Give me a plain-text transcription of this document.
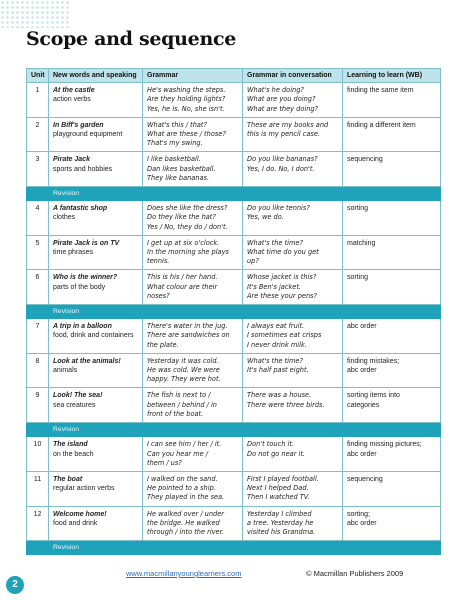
Scope and sequence
Unit	New words and speaking	Grammar	Grammar in conversation	Learning to learn (WB)
1	At the castle
action verbs	He's washing the steps.
Are they holding lights?
Yes, he is. No, she isn't.	What's he doing?
What are you doing?
What are they doing?	finding the same item

2	In Biff's garden
playground equipment	What's this / that?
What are these / those?
That's my swing.	These are my books and
this is my pencil case.	finding a different item

3	Pirate Jack
sports and hobbies	I like basketball.
Dan likes basketball.
They like bananas.	Do you like bananas?
Yes, I do. No, I don't.	sequencing

	Revision			
4	A fantastic shop
clothes	Does she like the dress?
Do they like the hat?
Yes / No, they do / don't.	Do you like tennis?
Yes, we do.	sorting

5	Pirate Jack is on TV
time phrases	I get up at six o'clock.
In the morning she plays
tennis.	What's the time?
What time do you get
up?	matching

6	Who is the winner?
parts of the body	This is his / her hand.
What colour are their
noses?	Whose jacket is this?
It's Ben's jacket.
Are these your pens?	sorting

	Revision			
7	A trip in a balloon
food, drink and containers	There's water in the jug.
There are sandwiches on
the plate.	I always eat fruit.
I sometimes eat crisps
I never drink milk.	abc order

8	Look at the animals!
animals	Yesterday it was cold.
He was cold. We were
happy. They were hot.	What's the time?
It's half past eight.	finding mistakes;
abc order

9	Look! The sea!
sea creatures	The fish is next to /
between / behind / in
front of the boat.	There was a house.
There were three birds.	sorting items into
categories

	Revision			
10	The island
on the beach	I can see him / her / it.
Can you hear me /
them / us?	Don't touch it.
Do not go near it.	finding missing pictures;
abc order

11	The boat
regular action verbs	I walked on the sand.
He pointed to a ship.
They played in the sea.	First I played football.
Next I helped Dad.
Then I watched TV.	sequencing

12	Welcome home!
food and drink	He walked over / under
the bridge. He walked
through / into the river.	Yesterday I climbed
a tree. Yesterday he
visited his Grandma.	sorting;
abc order

	Revision			
www.macmillanyounglearners.com	© Macmillan Publishers 2009
2
